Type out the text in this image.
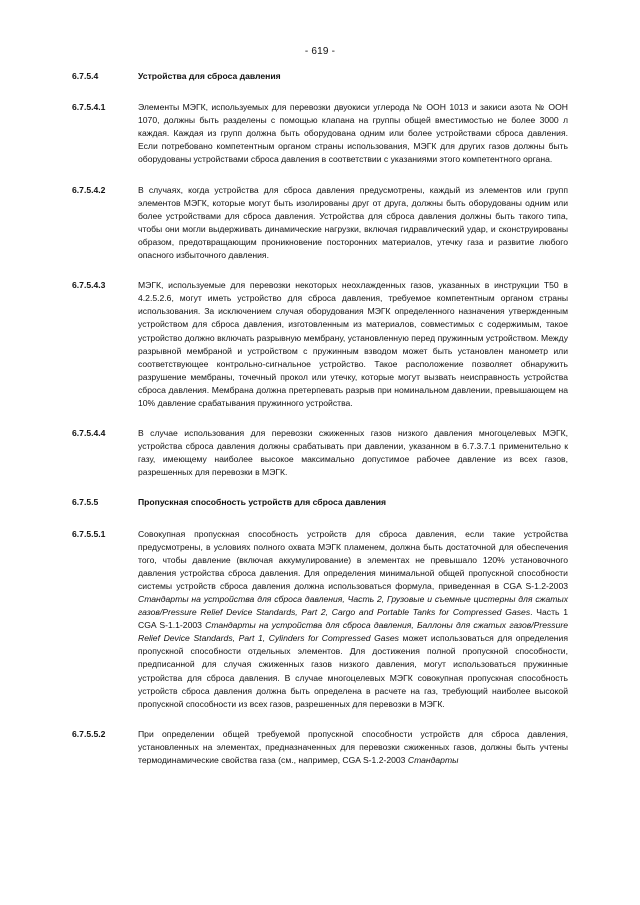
- 619 -
6.7.5.4	Устройства для сброса давления
6.7.5.4.1	Элементы МЭГК, используемых для перевозки двуокиси углерода № ООН 1013 и закиси азота № ООН 1070, должны быть разделены с помощью клапана на группы общей вместимостью не более 3000 л каждая. Каждая из групп должна быть оборудована одним или более устройствами сброса давления. Если потребовано компетентным органом страны использования, МЭГК для других газов должны быть оборудованы устройствами сброса давления в соответствии с указаниями этого компетентного органа.
6.7.5.4.2	В случаях, когда устройства для сброса давления предусмотрены, каждый из элементов или групп элементов МЭГК, которые могут быть изолированы друг от друга, должны быть оборудованы одним или более устройствами для сброса давления. Устройства для сброса давления должны быть такого типа, чтобы они могли выдерживать динамические нагрузки, включая гидравлический удар, и сконструированы образом, предотвращающим проникновение посторонних материалов, утечку газа и развитие любого опасного избыточного давления.
6.7.5.4.3	МЭГК, используемые для перевозки некоторых неохлажденных газов, указанных в инструкции T50 в 4.2.5.2.6, могут иметь устройство для сброса давления, требуемое компетентным органом страны использования. За исключением случая оборудования МЭГК определенного назначения утвержденным устройством для сброса давления, изготовленным из материалов, совместимых с содержимым, такое устройство должно включать разрывную мембрану, установленную перед пружинным устройством. Между разрывной мембраной и устройством с пружинным взводом может быть установлен манометр или соответствующее контрольно-сигнальное устройство. Такое расположение позволяет обнаружить разрушение мембраны, точечный прокол или утечку, которые могут вызвать неисправность устройства сброса давления. Мембрана должна претерпевать разрыв при номинальном давлении, превышающем на 10% давление срабатывания пружинного устройства.
6.7.5.4.4	В случае использования для перевозки сжиженных газов низкого давления многоцелевых МЭГК, устройства сброса давления должны срабатывать при давлении, указанном в 6.7.3.7.1 применительно к газу, имеющему наиболее высокое максимально допустимое рабочее давление из всех газов, разрешенных для перевозки в МЭГК.
6.7.5.5	Пропускная способность устройств для сброса давления
6.7.5.5.1	Совокупная пропускная способность устройств для сброса давления, если такие устройства предусмотрены, в условиях полного охвата МЭГК пламенем, должна быть достаточной для обеспечения того, чтобы давление (включая аккумулирование) в элементах не превышало 120% установочного давления устройства сброса давления. Для определения минимальной общей пропускной способности системы устройств сброса давления должна использоваться формула, приведенная в CGA S-1.2-2003 Стандарты на устройства для сброса давления, Часть 2, Грузовые и съемные цистерны для сжатых газов/Pressure Relief Device Standards, Part 2, Cargo and Portable Tanks for Compressed Gases. Часть 1 CGA S-1.1-2003 Стандарты на устройства для сброса давления, Баллоны для сжатых газов/Pressure Relief Device Standards, Part 1, Cylinders for Compressed Gases может использоваться для определения пропускной способности отдельных элементов. Для достижения полной пропускной способности, предписанной для случая сжиженных газов низкого давления, могут использоваться пружинные устройства для сброса давления. В случае многоцелевых МЭГК совокупная пропускная способность устройств сброса давления должна быть определена в расчете на газ, требующий наиболее высокой пропускной способности из всех газов, разрешенных для перевозки в МЭГК.
6.7.5.5.2	При определении общей требуемой пропускной способности устройств для сброса давления, установленных на элементах, предназначенных для перевозки сжиженных газов, должны быть учтены термодинамические свойства газа (см., например, CGA S-1.2-2003 Стандарты
